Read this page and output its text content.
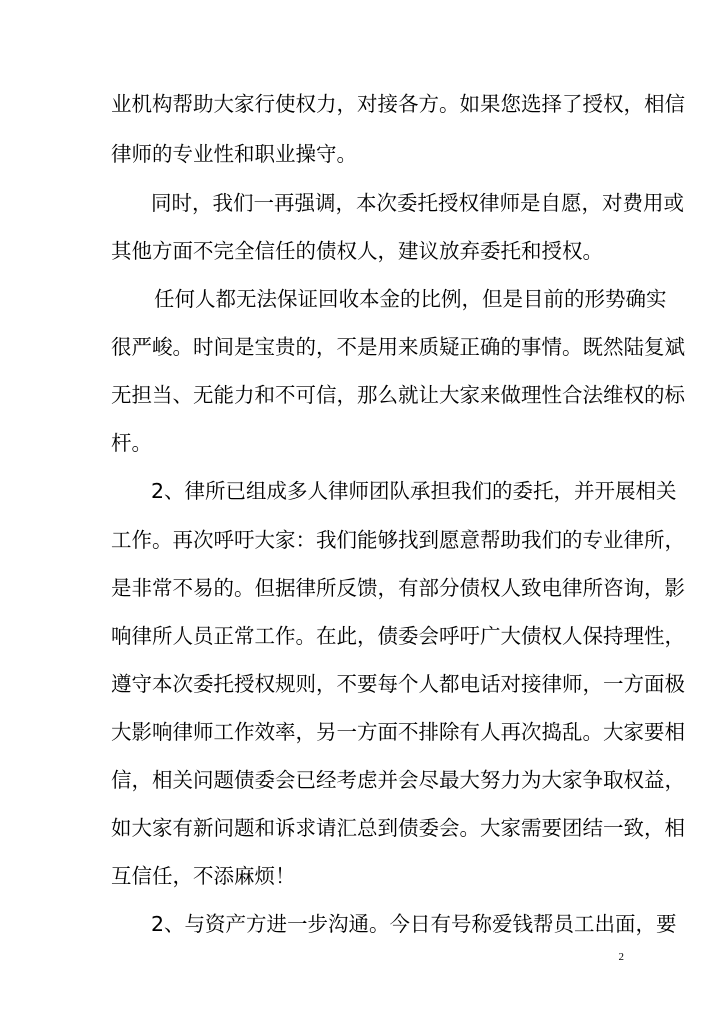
业机构帮助大家行使权力，对接各方。如果您选择了授权，相信
律师的专业性和职业操守。
同时，我们一再强调，本次委托授权律师是自愿，对费用或
其他方面不完全信任的债权人，建议放弃委托和授权。
任何人都无法保证回收本金的比例，但是目前的形势确实
很严峻。时间是宝贵的，不是用来质疑正确的事情。既然陆复斌
无担当、无能力和不可信，那么就让大家来做理性合法维权的标
杆。
2、律所已组成多人律师团队承担我们的委托，并开展相关
工作。再次呼吁大家：我们能够找到愿意帮助我们的专业律所，
是非常不易的。但据律所反馈，有部分债权人致电律所咨询，影
响律所人员正常工作。在此，债委会呼吁广大债权人保持理性，
遵守本次委托授权规则，不要每个人都电话对接律师，一方面极
大影响律师工作效率，另一方面不排除有人再次捣乱。大家要相
信，相关问题债委会已经考虑并会尽最大努力为大家争取权益，
如大家有新问题和诉求请汇总到债委会。大家需要团结一致，相
互信任，不添麻烦！
2、与资产方进一步沟通。今日有号称爱钱帮员工出面，要
2
